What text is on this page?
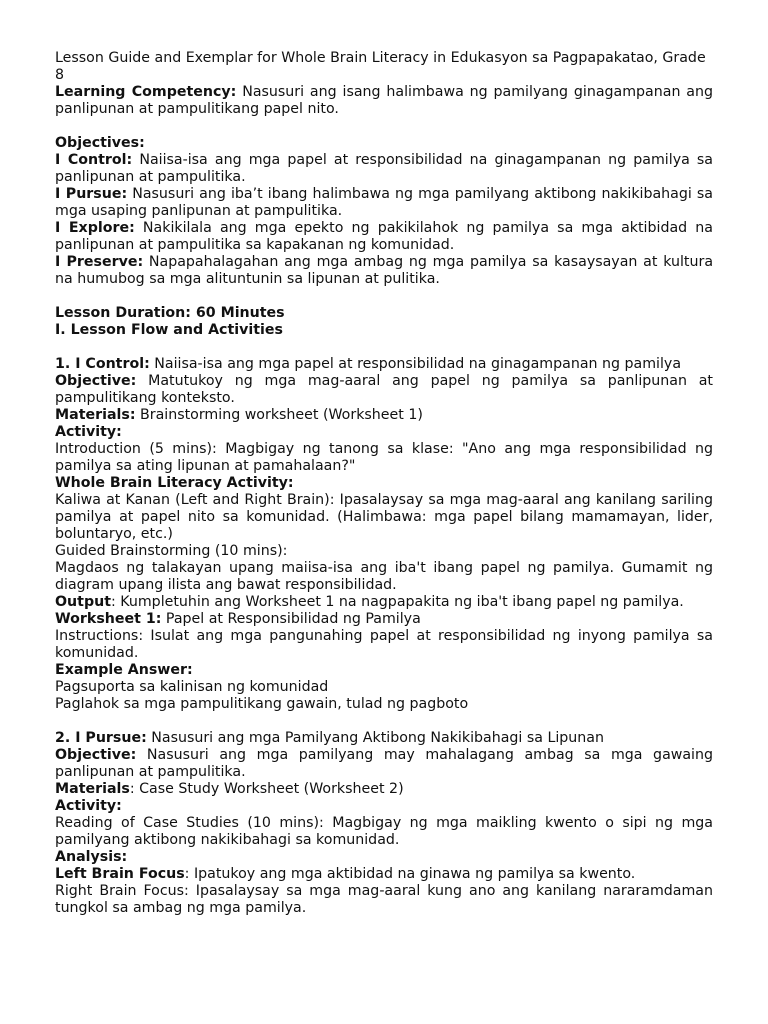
Lesson Guide and Exemplar for Whole Brain Literacy in Edukasyon sa Pagpapakatao, Grade 8

Learning Competency: Nasusuri ang isang halimbawa ng pamilyang ginagampanan ang panlipunan at pampulitikang papel nito.

Objectives:

I Control: Naiisa-isa ang mga papel at responsibilidad na ginagampanan ng pamilya sa panlipunan at pampulitika.

I Pursue: Nasusuri ang iba’t ibang halimbawa ng mga pamilyang aktibong nakikibahagi sa mga usaping panlipunan at pampulitika.

I Explore: Nakikilala ang mga epekto ng pakikilahok ng pamilya sa mga aktibidad na panlipunan at pampulitika sa kapakanan ng komunidad.

I Preserve: Napapahalagahan ang mga ambag ng mga pamilya sa kasaysayan at kultura na humubog sa mga alituntunin sa lipunan at pulitika.

Lesson Duration: 60 Minutes

I. Lesson Flow and Activities

1. I Control: Naiisa-isa ang mga papel at responsibilidad na ginagampanan ng pamilya

Objective: Matutukoy ng mga mag-aaral ang papel ng pamilya sa panlipunan at pampulitikang konteksto.

Materials: Brainstorming worksheet (Worksheet 1)

Activity:

Introduction (5 mins): Magbigay ng tanong sa klase: "Ano ang mga responsibilidad ng pamilya sa ating lipunan at pamahalaan?"

Whole Brain Literacy Activity:

Kaliwa at Kanan (Left and Right Brain): Ipasalaysay sa mga mag-aaral ang kanilang sariling pamilya at papel nito sa komunidad. (Halimbawa: mga papel bilang mamamayan, lider, boluntaryo, etc.)

Guided Brainstorming (10 mins):

Magdaos ng talakayan upang maiisa-isa ang iba't ibang papel ng pamilya. Gumamit ng diagram upang ilista ang bawat responsibilidad.

Output: Kumpletuhin ang Worksheet 1 na nagpapakita ng iba't ibang papel ng pamilya.

Worksheet 1: Papel at Responsibilidad ng Pamilya

Instructions: Isulat ang mga pangunahing papel at responsibilidad ng inyong pamilya sa komunidad.

Example Answer:

Pagsuporta sa kalinisan ng komunidad

Paglahok sa mga pampulitikang gawain, tulad ng pagboto

2. I Pursue: Nasusuri ang mga Pamilyang Aktibong Nakikibahagi sa Lipunan

Objective: Nasusuri ang mga pamilyang may mahalagang ambag sa mga gawaing panlipunan at pampulitika.

Materials: Case Study Worksheet (Worksheet 2)

Activity:

Reading of Case Studies (10 mins): Magbigay ng mga maikling kwento o sipi ng mga pamilyang aktibong nakikibahagi sa komunidad.

Analysis:

Left Brain Focus: Ipatukoy ang mga aktibidad na ginawa ng pamilya sa kwento.

Right Brain Focus: Ipasalaysay sa mga mag-aaral kung ano ang kanilang nararamdaman tungkol sa ambag ng mga pamilya.
